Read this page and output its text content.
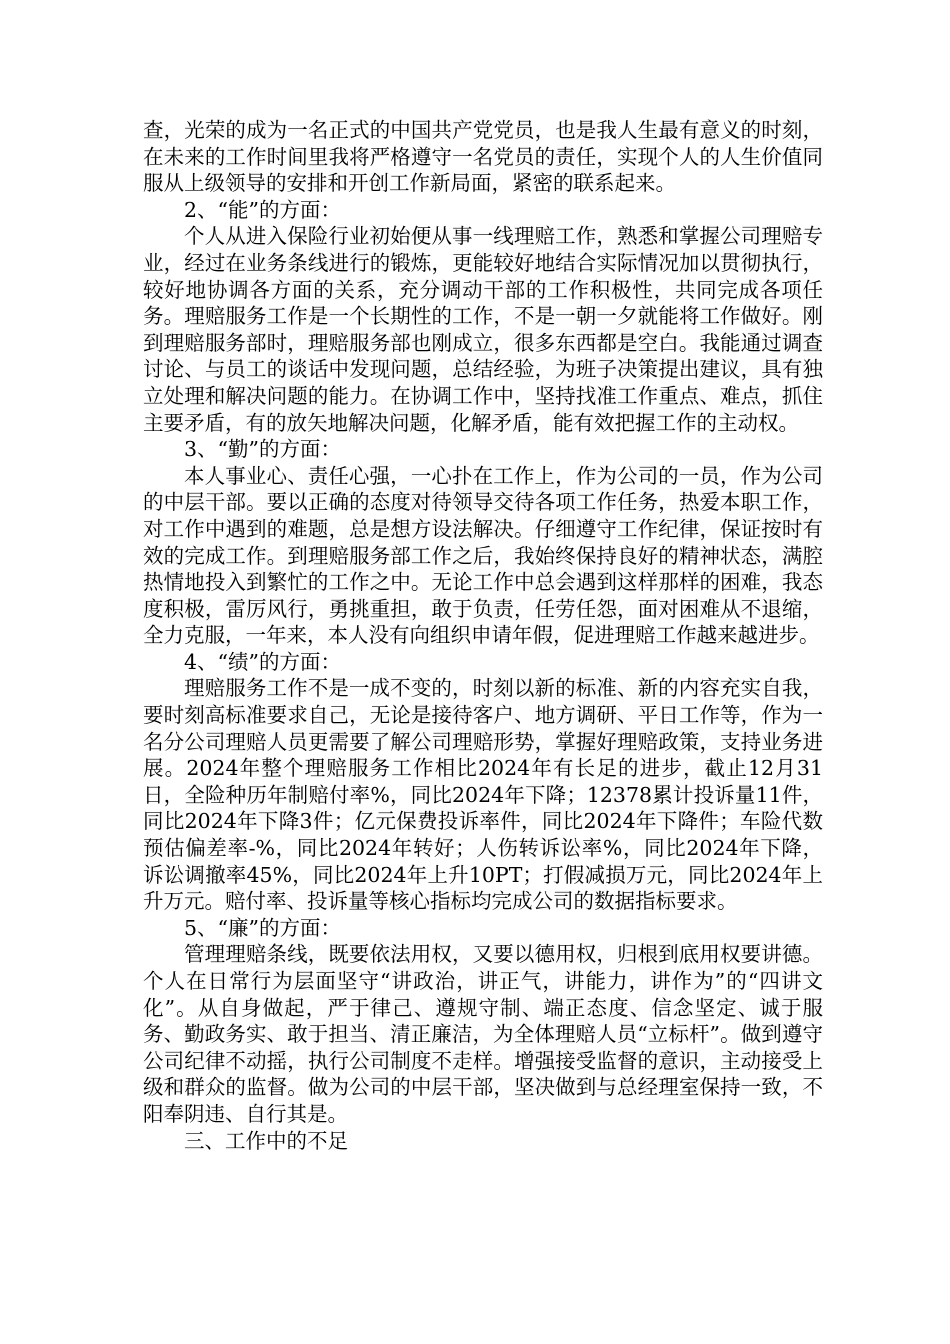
查，光荣的成为一名正式的中国共产党党员，也是我人生最有意义的时刻，在未来的工作时间里我将严格遵守一名党员的责任，实现个人的人生价值同服从上级领导的安排和开创工作新局面，紧密的联系起来。

2、“能”的方面：

个人从进入保险行业初始便从事一线理赔工作，熟悉和掌握公司理赔专业，经过在业务条线进行的锻炼，更能较好地结合实际情况加以贯彻执行，较好地协调各方面的关系，充分调动干部的工作积极性，共同完成各项任务。理赔服务工作是一个长期性的工作，不是一朝一夕就能将工作做好。刚到理赔服务部时，理赔服务部也刚成立，很多东西都是空白。我能通过调查讨论、与员工的谈话中发现问题，总结经验，为班子决策提出建议，具有独立处理和解决问题的能力。在协调工作中，坚持找准工作重点、难点，抓住主要矛盾，有的放矢地解决问题，化解矛盾，能有效把握工作的主动权。

3、“勤”的方面：

本人事业心、责任心强，一心扑在工作上，作为公司的一员，作为公司的中层干部。要以正确的态度对待领导交待各项工作任务，热爱本职工作，对工作中遇到的难题，总是想方设法解决。仔细遵守工作纪律，保证按时有效的完成工作。到理赔服务部工作之后，我始终保持良好的精神状态，满腔热情地投入到繁忙的工作之中。无论工作中总会遇到这样那样的困难，我态度积极，雷厉风行，勇挑重担，敢于负责，任劳任怨，面对困难从不退缩，全力克服，一年来，本人没有向组织申请年假，促进理赔工作越来越进步。

4、“绩”的方面：

理赔服务工作不是一成不变的，时刻以新的标准、新的内容充实自我，要时刻高标准要求自己，无论是接待客户、地方调研、平日工作等，作为一名分公司理赔人员更需要了解公司理赔形势，掌握好理赔政策，支持业务进展。2024年整个理赔服务工作相比2024年有长足的进步，截止12月31日，全险种历年制赔付率%，同比2024年下降；12378累计投诉量11件，同比2024年下降3件；亿元保费投诉率件，同比2024年下降件；车险代数预估偏差率-%，同比2024年转好；人伤转诉讼率%，同比2024年下降，诉讼调撤率45%，同比2024年上升10PT；打假减损万元，同比2024年上升万元。赔付率、投诉量等核心指标均完成公司的数据指标要求。

5、“廉”的方面：

管理理赔条线，既要依法用权，又要以德用权，归根到底用权要讲德。个人在日常行为层面坚守“讲政治，讲正气，讲能力，讲作为”的“四讲文化”。从自身做起，严于律己、遵规守制、端正态度、信念坚定、诚于服务、勤政务实、敢于担当、清正廉洁，为全体理赔人员“立标杆”。做到遵守公司纪律不动摇，执行公司制度不走样。增强接受监督的意识，主动接受上级和群众的监督。做为公司的中层干部，坚决做到与总经理室保持一致，不阳奉阴违、自行其是。

三、工作中的不足
